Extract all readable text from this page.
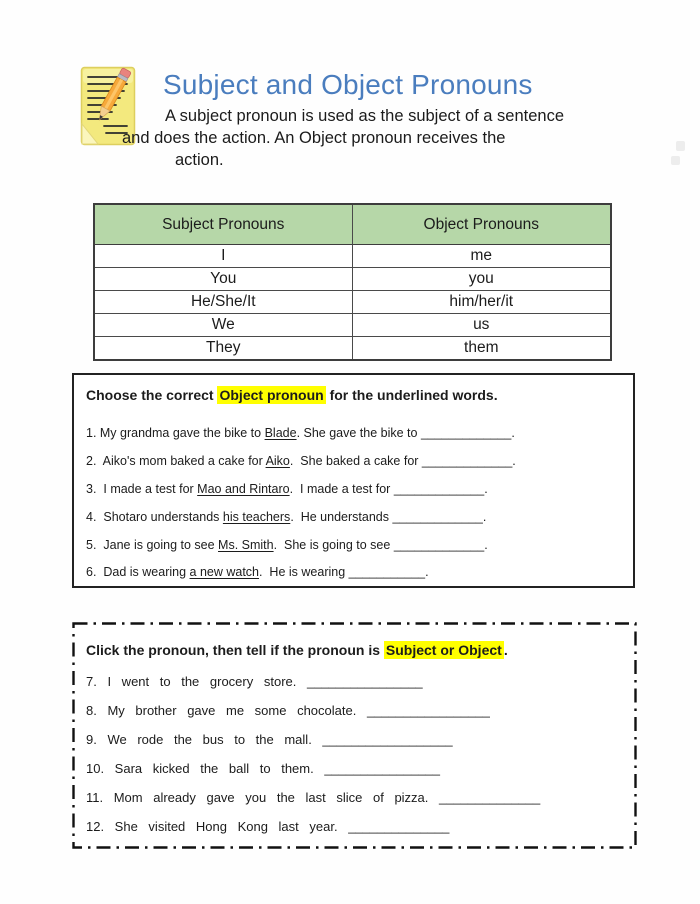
Subject and Object Pronouns
A subject pronoun is used as the subject of a sentence
and does the action. An Object pronoun receives the
action.
Subject Pronouns	Object Pronouns
I	me
You	you
He/She/It	him/her/it
We	us
They	them
Choose the correct Object pronoun for the underlined words.
1. My grandma gave the bike to Blade. She gave the bike to _____________.
2.  Aiko's mom baked a cake for Aiko.  She baked a cake for _____________.
3.  I made a test for Mao and Rintaro.  I made a test for _____________.
4.  Shotaro understands his teachers.  He understands _____________.
5.  Jane is going to see Ms. Smith.  She is going to see _____________.
6.  Dad is wearing a new watch.  He is wearing ___________.
Click the pronoun, then tell if the pronoun is Subject or Object .
7. I went to the grocery store. ________________
8. My brother gave me some chocolate. _________________
9. We rode the bus to the mall. __________________
10. Sara kicked the ball to them. ________________
11. Mom already gave you the last slice of pizza. ______________
12. She visited Hong Kong last year. ______________
